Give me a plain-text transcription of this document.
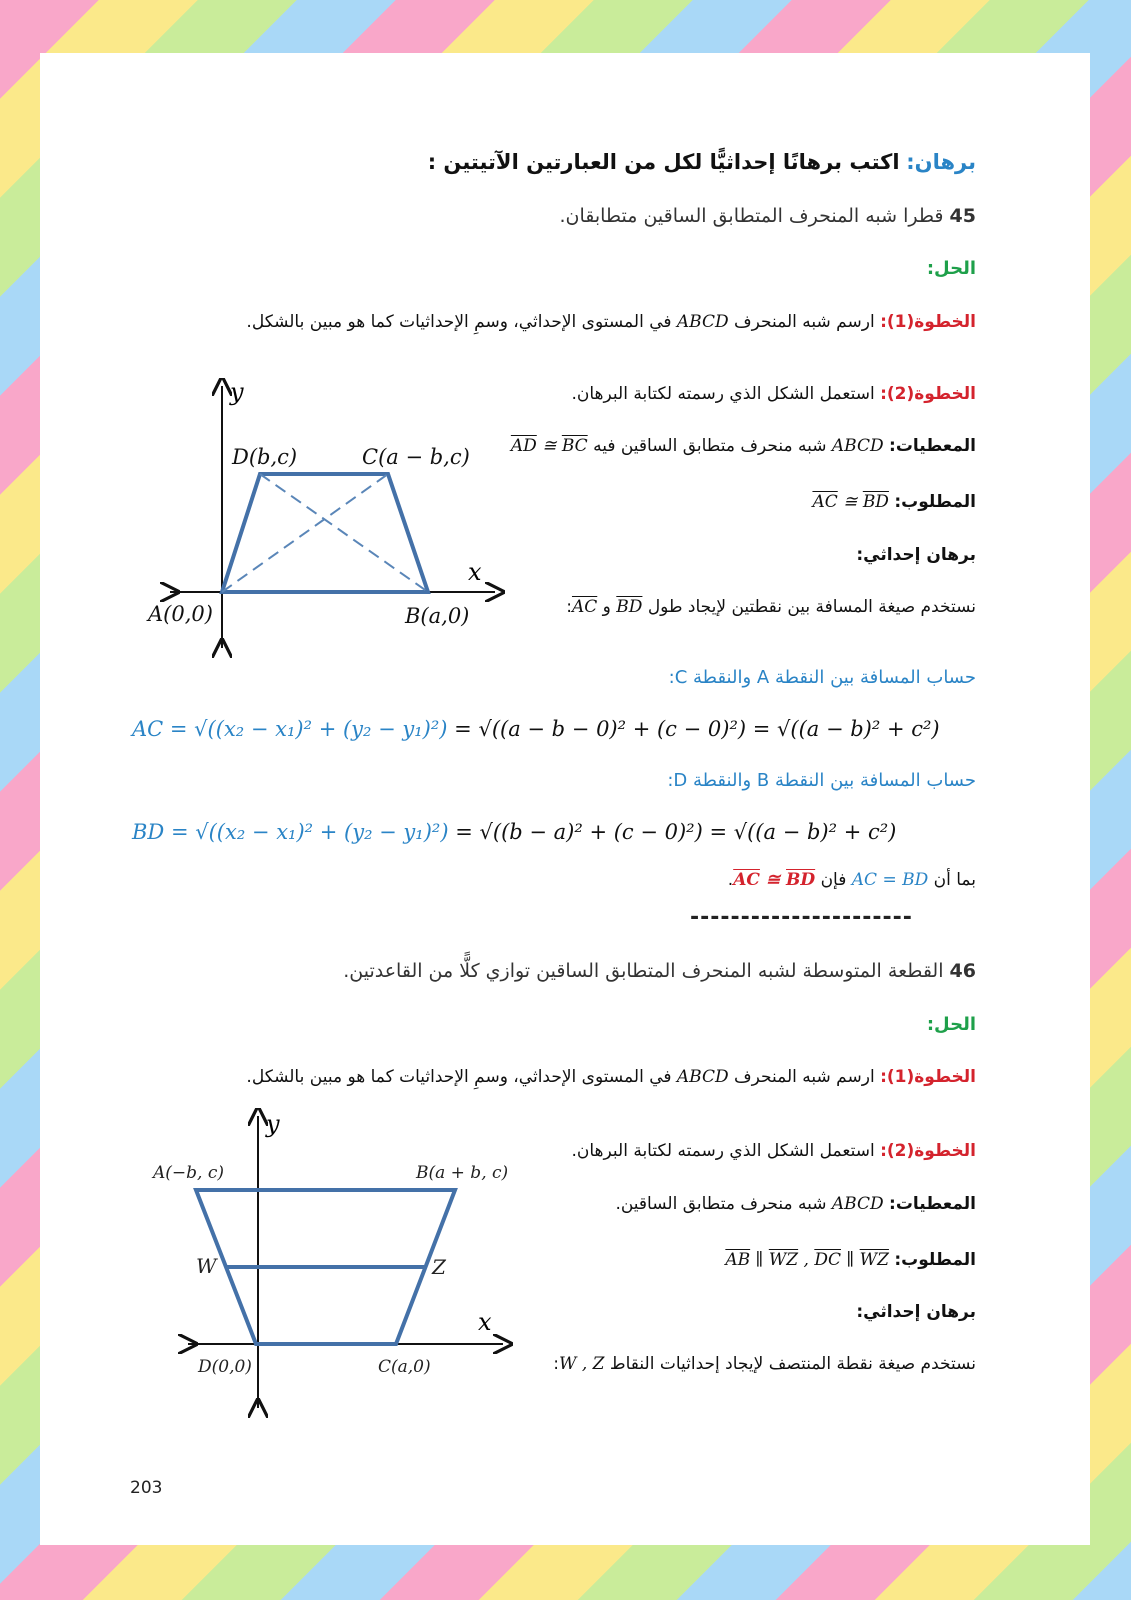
برهان: اكتب برهانًا إحداثيًّا لكل من العبارتين الآتيتين :
45 قطرا شبه المنحرف المتطابق الساقين متطابقان.
الحل:
الخطوة(1): ارسم شبه المنحرف ABCD في المستوى الإحداثي، وسمِ الإحداثيات كما هو مبين بالشكل.
الخطوة(2): استعمل الشكل الذي رسمته لكتابة البرهان.
المعطيات: ABCD شبه منحرف متطابق الساقين فيه $\overline{AD}$ ≅ $\overline{BC}$
المطلوب: $\overline{AC}$ ≅ $\overline{BD}$
برهان إحداثي:
نستخدم صيغة المسافة بين نقطتين لإيجاد طول $\overline{BD}$ و $\overline{AC}$:
y
x
D(b,c)	C(a − b,c)
A(0,0)	B(a,0)
حساب المسافة بين النقطة A والنقطة C:
AC = √((x₂ − x₁)² + (y₂ − y₁)²) = √((a − b − 0)² + (c − 0)²) = √((a − b)² + c²)
حساب المسافة بين النقطة B والنقطة D:
BD = √((x₂ − x₁)² + (y₂ − y₁)²) = √((b − a)² + (c − 0)²) = √((a − b)² + c²)
بما أن AC = BD فإن $\overline{AC}$ ≅ $\overline{BD}$.
----------------------
46 القطعة المتوسطة لشبه المنحرف المتطابق الساقين توازي كلًّا من القاعدتين.
الحل:
الخطوة(1): ارسم شبه المنحرف ABCD في المستوى الإحداثي، وسمِ الإحداثيات كما هو مبين بالشكل.
الخطوة(2): استعمل الشكل الذي رسمته لكتابة البرهان.
المعطيات: ABCD شبه منحرف متطابق الساقين.
المطلوب: $\overline{AB}$ ∥ $\overline{WZ}$ , $\overline{DC}$ ∥ $\overline{WZ}$
برهان إحداثي:
نستخدم صيغة نقطة المنتصف لإيجاد إحداثيات النقاط W , Z:
y
x
A(−b, c)	B(a + b, c)
W	Z
D(0,0)	C(a,0)
203
